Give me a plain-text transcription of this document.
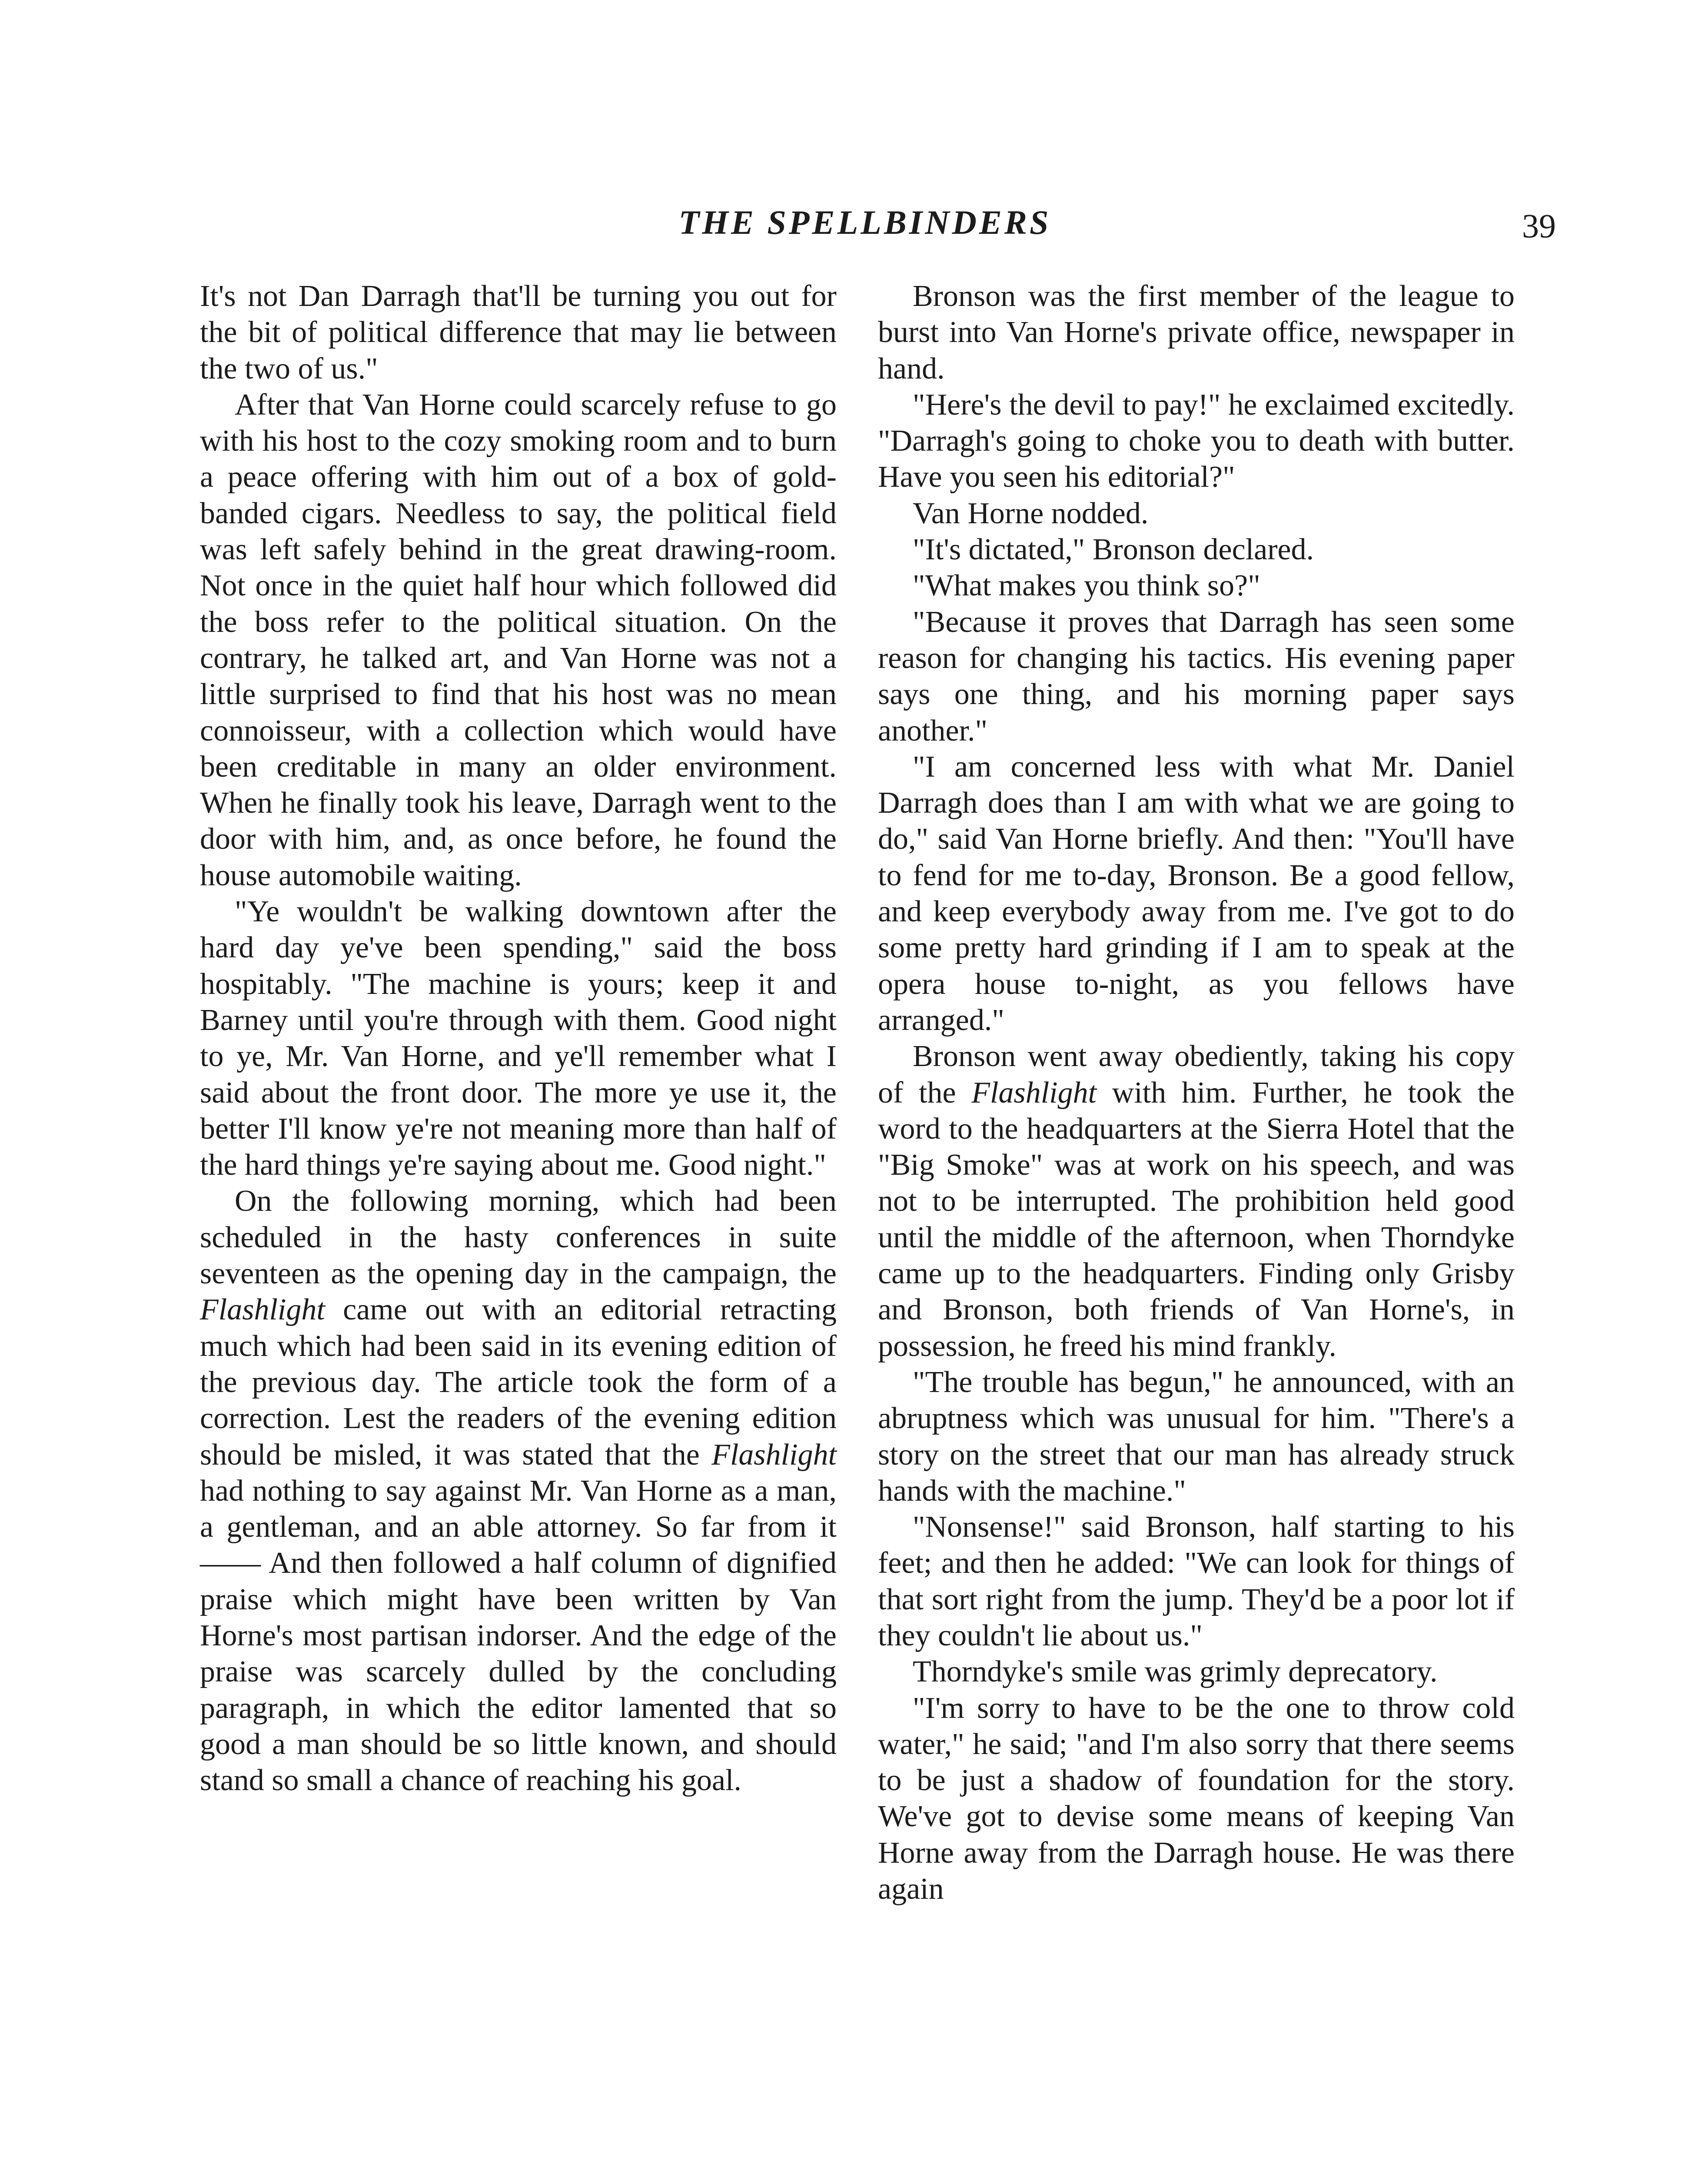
THE SPELLBINDERS	39

It's not Dan Darragh that'll be turning you out for the bit of political difference that may lie between the two of us."

After that Van Horne could scarcely refuse to go with his host to the cozy smoking room and to burn a peace offering with him out of a box of gold-banded cigars. Needless to say, the political field was left safely behind in the great drawing-room. Not once in the quiet half hour which followed did the boss refer to the political situation. On the contrary, he talked art, and Van Horne was not a little surprised to find that his host was no mean connoisseur, with a collection which would have been creditable in many an older environment. When he finally took his leave, Darragh went to the door with him, and, as once before, he found the house automobile waiting.

"Ye wouldn't be walking downtown after the hard day ye've been spending," said the boss hospitably. "The machine is yours; keep it and Barney until you're through with them. Good night to ye, Mr. Van Horne, and ye'll remember what I said about the front door. The more ye use it, the better I'll know ye're not meaning more than half of the hard things ye're saying about me. Good night."

On the following morning, which had been scheduled in the hasty conferences in suite seventeen as the opening day in the campaign, the Flashlight came out with an editorial retracting much which had been said in its evening edition of the previous day. The article took the form of a correction. Lest the readers of the evening edition should be misled, it was stated that the Flashlight had nothing to say against Mr. Van Horne as a man, a gentleman, and an able attorney. So far from it —— And then followed a half column of dignified praise which might have been written by Van Horne's most partisan indorser. And the edge of the praise was scarcely dulled by the concluding paragraph, in which the editor lamented that so good a man should be so little known, and should stand so small a chance of reaching his goal.

Bronson was the first member of the league to burst into Van Horne's private office, newspaper in hand.

"Here's the devil to pay!" he exclaimed excitedly. "Darragh's going to choke you to death with butter. Have you seen his editorial?"

Van Horne nodded.

"It's dictated," Bronson declared.

"What makes you think so?"

"Because it proves that Darragh has seen some reason for changing his tactics. His evening paper says one thing, and his morning paper says another."

"I am concerned less with what Mr. Daniel Darragh does than I am with what we are going to do," said Van Horne briefly. And then: "You'll have to fend for me to-day, Bronson. Be a good fellow, and keep everybody away from me. I've got to do some pretty hard grinding if I am to speak at the opera house to-night, as you fellows have arranged."

Bronson went away obediently, taking his copy of the Flashlight with him. Further, he took the word to the headquarters at the Sierra Hotel that the "Big Smoke" was at work on his speech, and was not to be interrupted. The prohibition held good until the middle of the afternoon, when Thorndyke came up to the headquarters. Finding only Grisby and Bronson, both friends of Van Horne's, in possession, he freed his mind frankly.

"The trouble has begun," he announced, with an abruptness which was unusual for him. "There's a story on the street that our man has already struck hands with the machine."

"Nonsense!" said Bronson, half starting to his feet; and then he added: "We can look for things of that sort right from the jump. They'd be a poor lot if they couldn't lie about us."

Thorndyke's smile was grimly deprecatory.

"I'm sorry to have to be the one to throw cold water," he said; "and I'm also sorry that there seems to be just a shadow of foundation for the story. We've got to devise some means of keeping Van Horne away from the Darragh house. He was there again
